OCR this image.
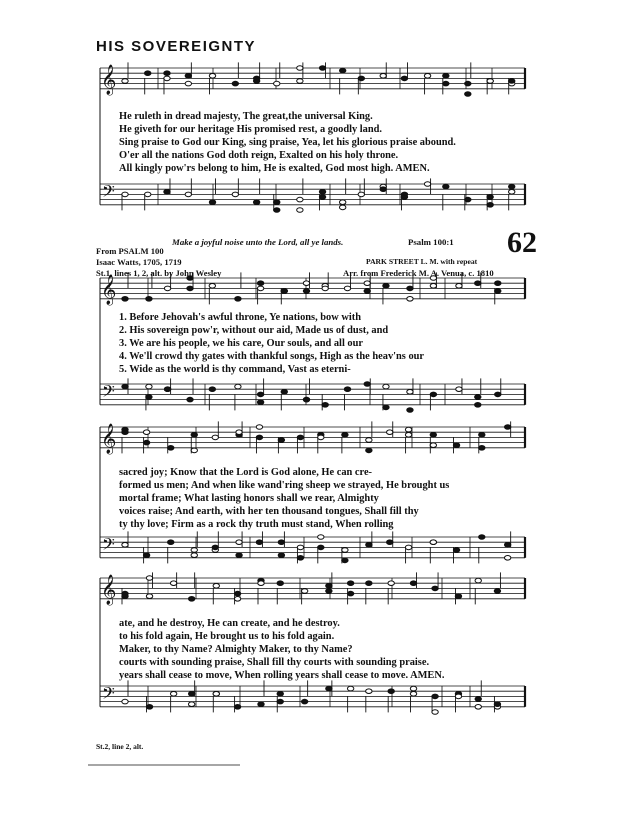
HIS SOVEREIGNTY
𝄞
𝄢
𝄞
𝄢
𝄞
𝄢
𝄞
𝄢
He ruleth in dread majesty, The great,the universal King.
He giveth for our heritage His promised rest, a goodly land.
Sing praise to God our King, sing praise, Yea, let his glorious praise abound.
O'er all the nations God doth reign, Exalted on his holy throne.
All kingly pow'rs belong to him, He is exalted, God most high. AMEN.
Make a joyful noise unto the Lord, all ye lands.	Psalm 100:1 62
From PSALM 100
Isaac Watts, 1705, 1719
St.1, lines 1, 2, alt. by John Wesley
PARK STREET L. M. with repeat
Arr. from Frederick M. A. Venua, c. 1810
1. Before Jehovah's awful throne, Ye nations, bow with
2. His sovereign pow'r, without our aid, Made us of dust, and
3. We are his people, we his care, Our souls, and all our
4. We'll crowd thy gates with thankful songs, High as the heav'ns our
5. Wide as the world is thy command, Vast as eterni-
sacred joy; Know that the Lord is God alone, He can cre-
formed us men; And when like wand'ring sheep we strayed, He brought us
mortal frame; What lasting honors shall we rear, Almighty
voices raise; And earth, with her ten thousand tongues, Shall fill thy
ty thy love; Firm as a rock thy truth must stand, When rolling
ate, and he destroy, He can create, and he destroy.
to his fold again, He brought us to his fold again.
Maker, to thy Name? Almighty Maker, to thy Name?
courts with sounding praise, Shall fill thy courts with sounding praise.
years shall cease to move, When rolling years shall cease to move. AMEN.
St.2, line 2, alt.
